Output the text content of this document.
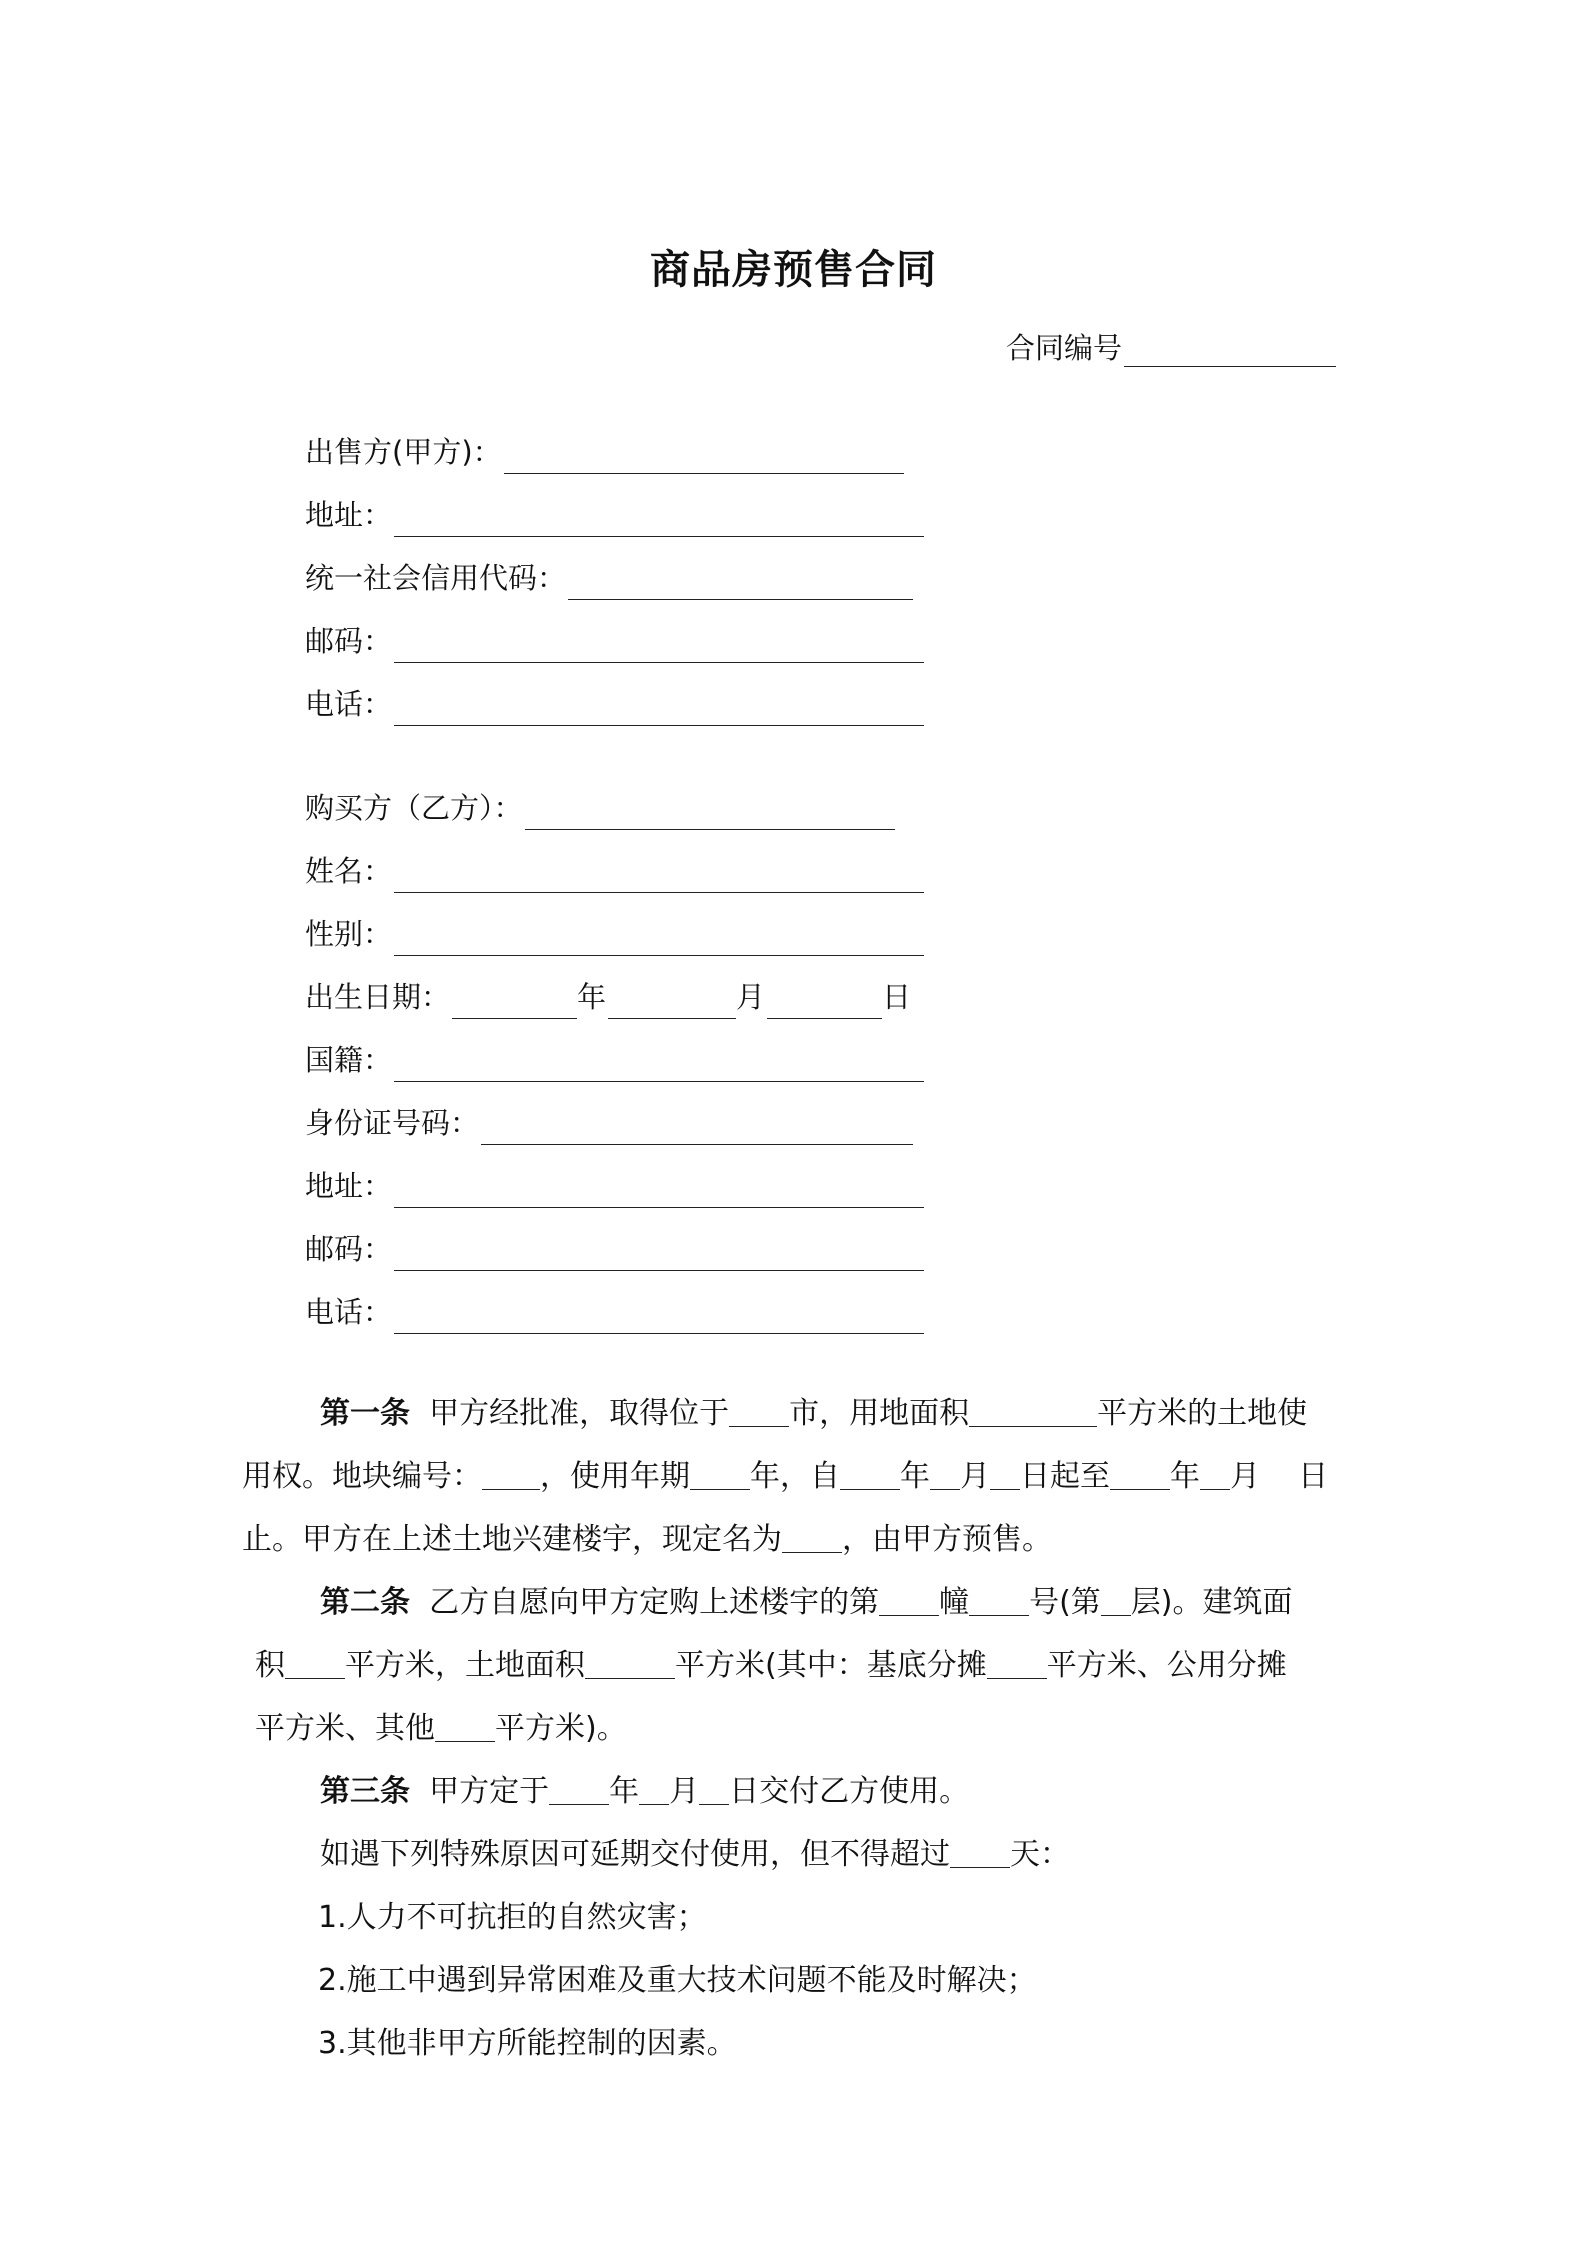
商品房预售合同
合同编号
出售方(甲方)：
地址：
统一社会信用代码：
邮码：
电话：
购买方（乙方）：
姓名：
性别：
出生日期：	年	月	日
国籍：
身份证号码：
地址：
邮码：
电话：
第一条 甲方经批准，取得位于 市，用地面积	平方米的土地使
用权。地块编号： ，使用年期 年，自 年 月 日起至 年 月 日
止。甲方在上述土地兴建楼宇，现定名为 ，由甲方预售。
第二条 乙方自愿向甲方定购上述楼宇的第 幢 号(第 层)。建筑面
积 平方米，土地面积	平方米(其中：基底分摊 平方米、公用分摊
平方米、其他 平方米)。
第三条 甲方定于 年 月 日交付乙方使用。
如遇下列特殊原因可延期交付使用，但不得超过 天：
1.人力不可抗拒的自然灾害；
2.施工中遇到异常困难及重大技术问题不能及时解决；
3.其他非甲方所能控制的因素。
